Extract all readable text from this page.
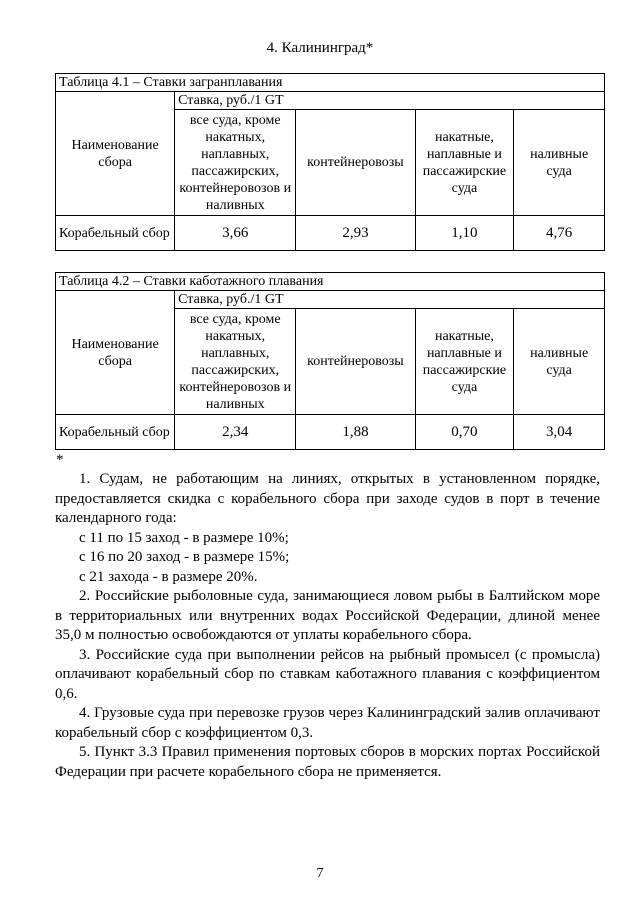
4. Калининград*
Таблица 4.1 – Ставки загранплавания				
Наименование сбора	Ставка, руб./1 GT			
	все суда, кроме накатных, наплавных, пассажирских, контейнеровозов и наливных	контейнеровозы	накатные, наплавные и пассажирские суда	наливные суда
Корабельный сбор	3,66	2,93	1,10	4,76
Таблица 4.2 – Ставки каботажного плавания				
Наименование сбора	Ставка, руб./1 GT			
	все суда, кроме накатных, наплавных, пассажирских, контейнеровозов и наливных	контейнеровозы	накатные, наплавные и пассажирские суда	наливные суда
Корабельный сбор	2,34	1,88	0,70	3,04
*

1. Судам, не работающим на линиях, открытых в установленном порядке, предоставляется скидка с корабельного сбора при заходе судов в порт в течение календарного года:

с 11 по 15 заход - в размере 10%;

с 16 по 20 заход - в размере 15%;

с 21 захода - в размере 20%.

2. Российские рыболовные суда, занимающиеся ловом рыбы в Балтийском море в территориальных или внутренних водах Российской Федерации, длиной менее 35,0 м полностью освобождаются от уплаты корабельного сбора.

3. Российские суда при выполнении рейсов на рыбный промысел (с промысла) оплачивают корабельный сбор по ставкам каботажного плавания с коэффициентом 0,6.

4. Грузовые суда при перевозке грузов через Калининградский залив оплачивают корабельный сбор с коэффициентом 0,3.

5. Пункт 3.3 Правил применения портовых сборов в морских портах Российской Федерации при расчете корабельного сбора не применяется.

7
